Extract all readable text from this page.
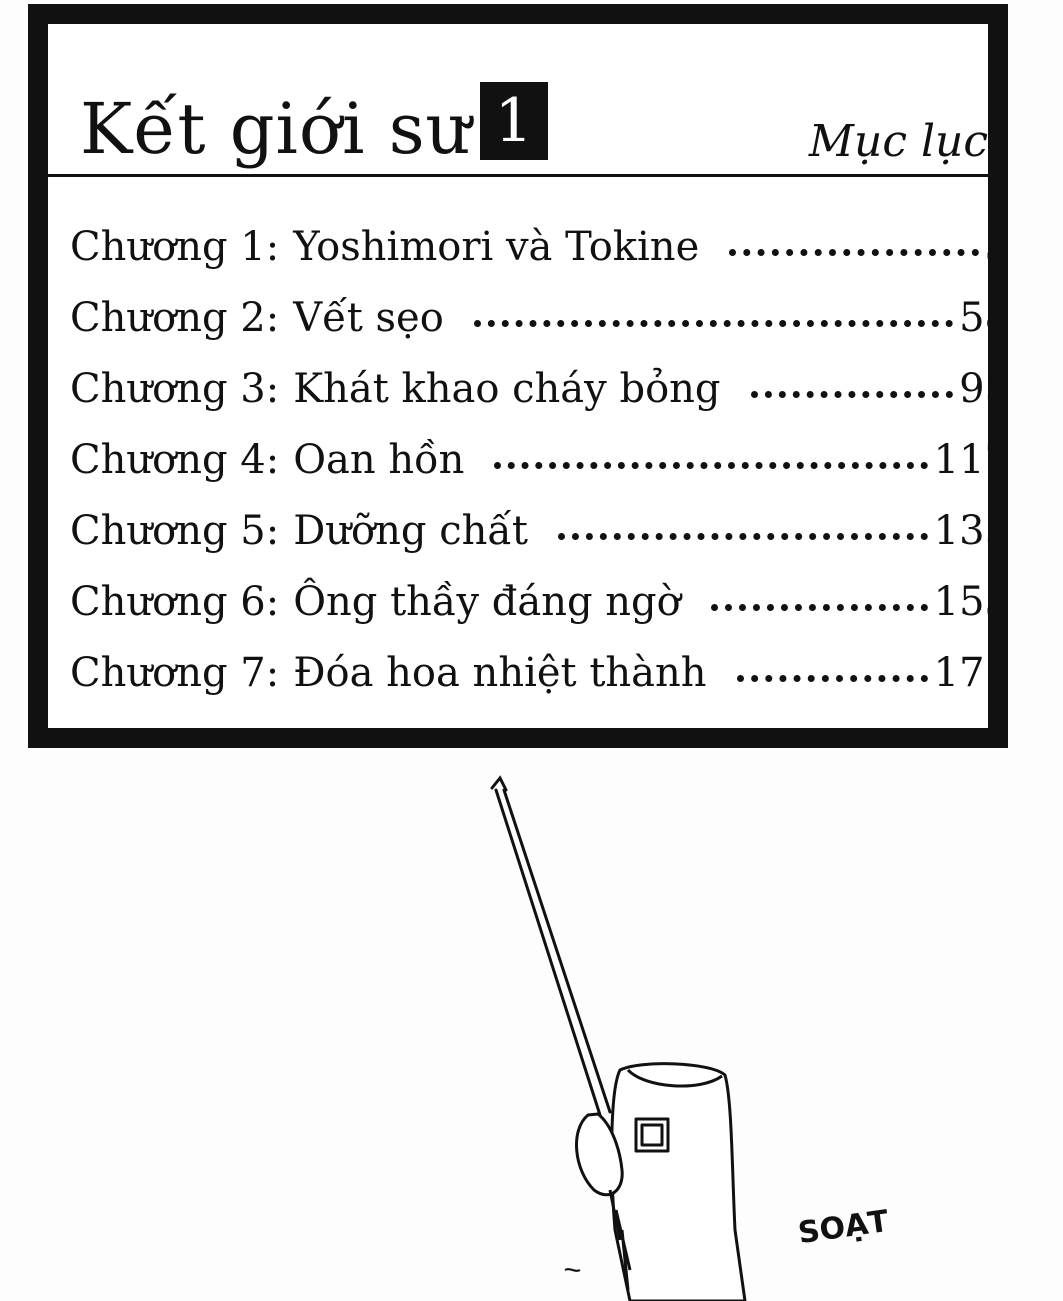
Kết giới sư 1	Mục lục
Chương 1: Yoshimori và Tokine	3
Chương 2: Vết sẹo	58
Chương 3: Khát khao cháy bỏng	95
Chương 4: Oan hồn	117
Chương 5: Dưỡng chất	135
Chương 6: Ông thầy đáng ngờ	153
Chương 7: Đóa hoa nhiệt thành	171
SOẠT
